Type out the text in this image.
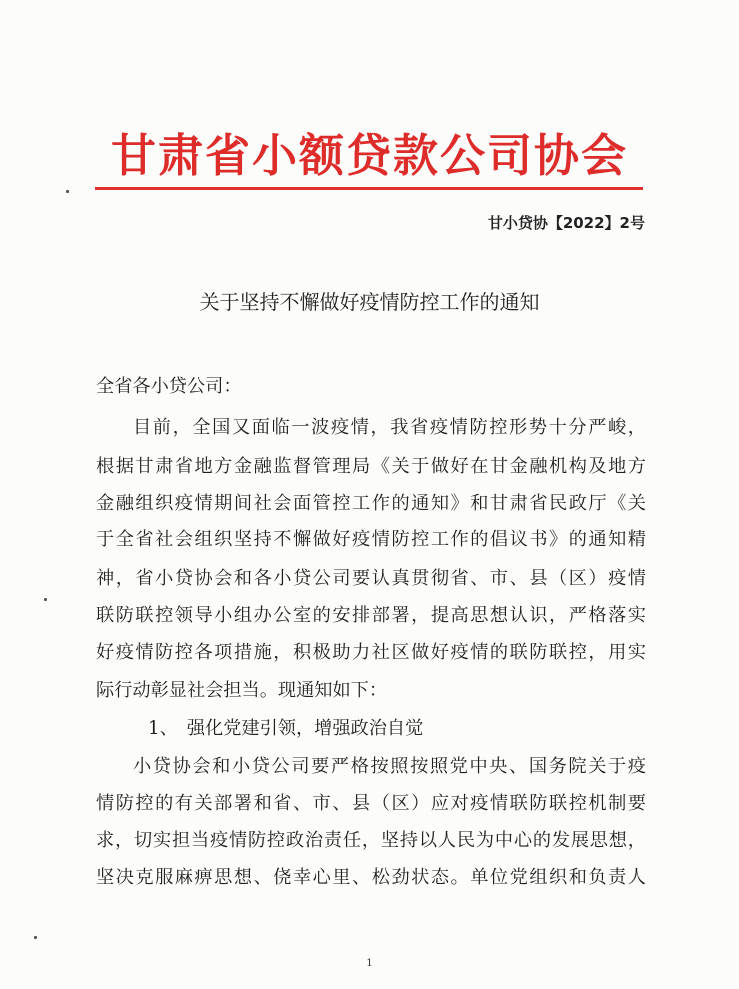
甘肃省小额贷款公司协会
甘小贷协【2022】2号
关于坚持不懈做好疫情防控工作的通知
全省各小贷公司：
目前，全国又面临一波疫情，我省疫情防控形势十分严峻，
根据甘肃省地方金融监督管理局《关于做好在甘金融机构及地方
金融组织疫情期间社会面管控工作的通知》和甘肃省民政厅《关
于全省社会组织坚持不懈做好疫情防控工作的倡议书》的通知精
神，省小贷协会和各小贷公司要认真贯彻省、市、县（区）疫情
联防联控领导小组办公室的安排部署，提高思想认识，严格落实
好疫情防控各项措施，积极助力社区做好疫情的联防联控，用实
际行动彰显社会担当。现通知如下：
1、　强化党建引领，增强政治自觉
小贷协会和小贷公司要严格按照按照党中央、国务院关于疫
情防控的有关部署和省、市、县（区）应对疫情联防联控机制要
求，切实担当疫情防控政治责任，坚持以人民为中心的发展思想，
坚决克服麻痹思想、侥幸心里、松劲状态。单位党组织和负责人
1
